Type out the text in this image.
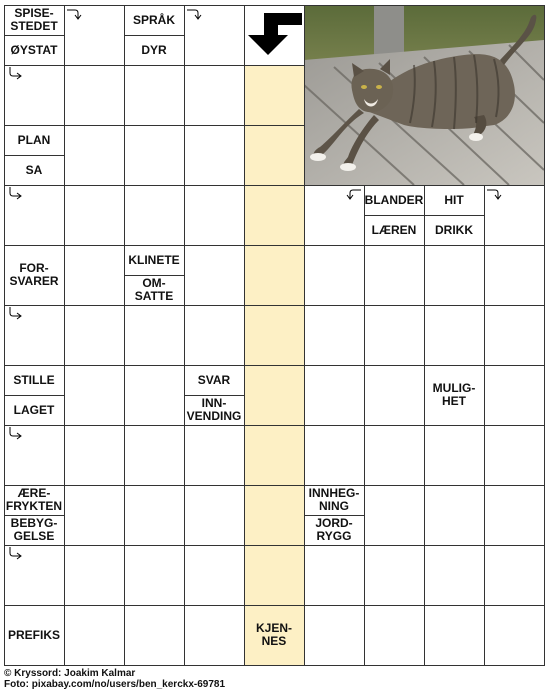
SPISE-
STEDET
ØYSTAT
SPRÅK
DYR
PLAN
SA
BLANDER
LÆREN
HIT
DRIKK
FOR-
SVARER
KLINETE
OM-
SATTE
STILLE
LAGET
SVAR
INN-
VENDING
MULIG-
HET
ÆRE-
FRYKTEN
BEBYG-
GELSE
INNHEG-
NING
JORD-
RYGG
PREFIKS	KJEN-
NES
© Kryssord: Joakim Kalmar
Foto: pixabay.com/no/users/ben_kerckx-69781
